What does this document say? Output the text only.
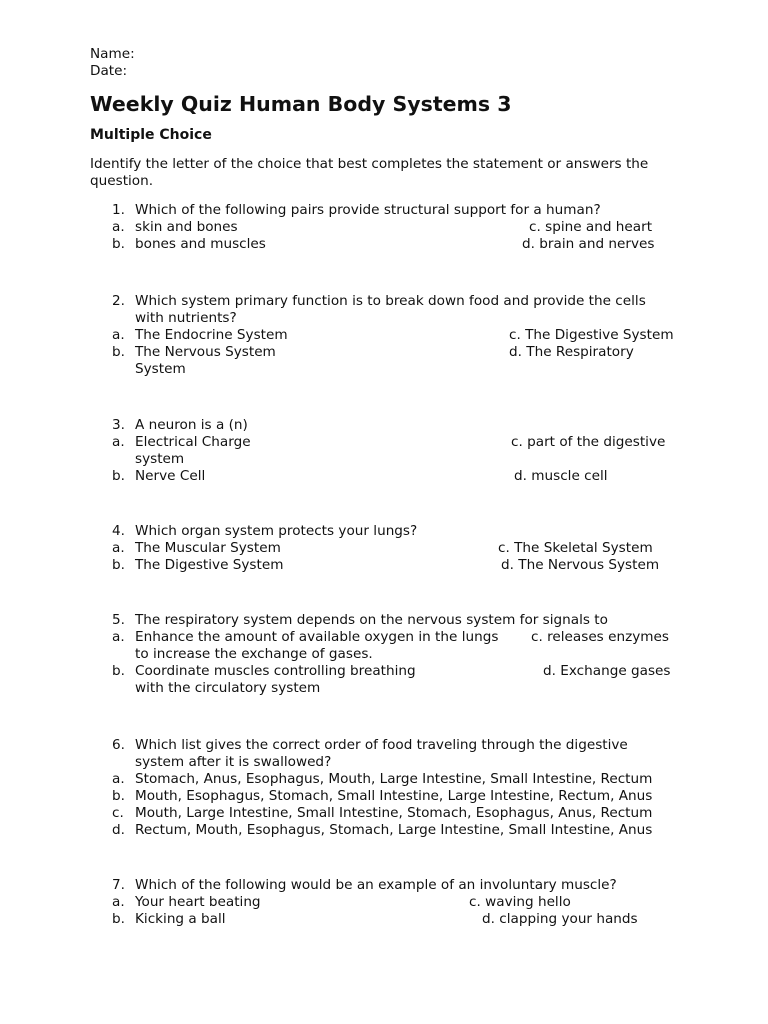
Name:

Date:

Weekly Quiz Human Body Systems 3
Multiple Choice

Identify the letter of the choice that best completes the statement or answers the question.

1. Which of the following pairs provide structural support for a human?
a. skin and bones	c. spine and heart
b. bones and muscles	d. brain and nerves
2. Which system primary function is to break down food and provide the cells
with nutrients?
a. The Endocrine System	c. The Digestive System
b. The Nervous System	d. The Respiratory
System
3. A neuron is a (n)
a. Electrical Charge	c. part of the digestive
system
b. Nerve Cell	d. muscle cell
4. Which organ system protects your lungs?
a. The Muscular System	c. The Skeletal System
b. The Digestive System	d. The Nervous System
5. The respiratory system depends on the nervous system for signals to
a. Enhance the amount of available oxygen in the lungs c. releases enzymes
to increase the exchange of gases.
b. Coordinate muscles controlling breathing	d. Exchange gases
with the circulatory system
6. Which list gives the correct order of food traveling through the digestive
system after it is swallowed?
a. Stomach, Anus, Esophagus, Mouth, Large Intestine, Small Intestine, Rectum
b. Mouth, Esophagus, Stomach, Small Intestine, Large Intestine, Rectum, Anus
c. Mouth, Large Intestine, Small Intestine, Stomach, Esophagus, Anus, Rectum
d. Rectum, Mouth, Esophagus, Stomach, Large Intestine, Small Intestine, Anus
7. Which of the following would be an example of an involuntary muscle?
a. Your heart beating	c. waving hello
b. Kicking a ball	d. clapping your hands
